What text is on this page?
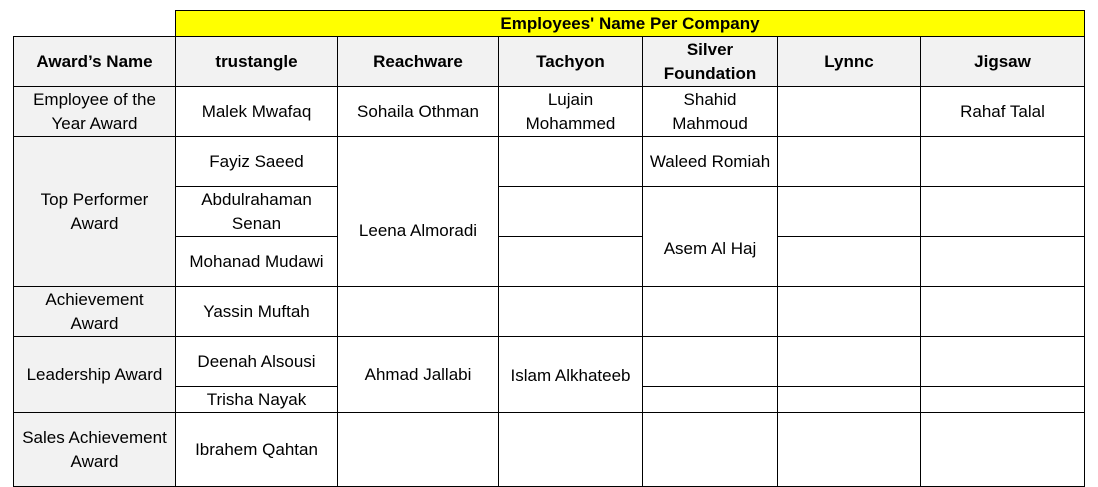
	Employees' Name Per Company					
Award’s Name	trustangle	Reachware	Tachyon	Silver Foundation	Lynnc	Jigsaw
Employee of the Year Award	Malek Mwafaq	Sohaila Othman	Lujain Mohammed	Shahid Mahmoud		Rahaf Talal
Top Performer Award	Fayiz Saeed	Leena Almoradi		Waleed Romiah		
	Abdulrahaman Senan			Asem Al Haj		
	Mohanad Mudawi					
Achievement Award	Yassin Muftah					
Leadership Award	Deenah Alsousi	Ahmad Jallabi	Islam Alkhateeb			
	Trisha Nayak					
Sales Achievement Award	Ibrahem Qahtan					
